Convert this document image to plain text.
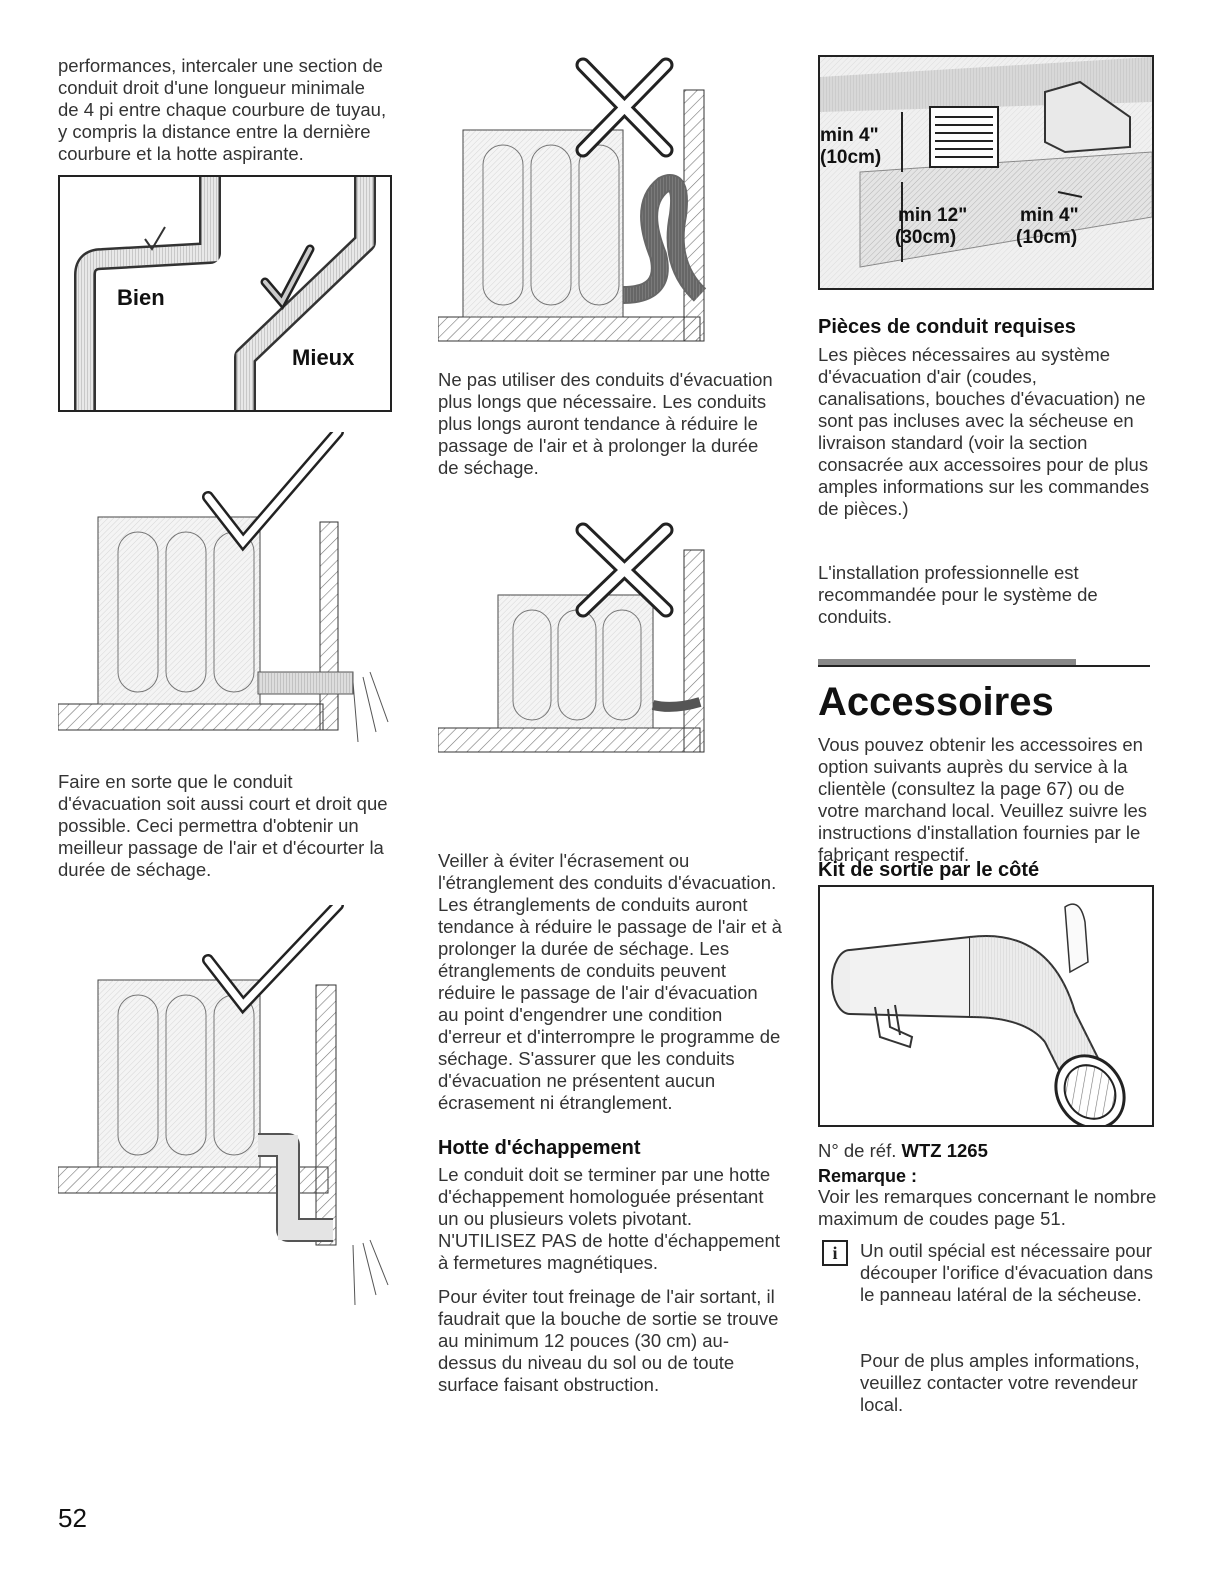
performances, intercaler une section de conduit droit d'une longueur minimale de 4 pi entre chaque courbure de tuyau, y compris la distance entre la dernière courbure et la hotte aspirante.

Bien
Mieux

Faire en sorte que le conduit d'évacuation soit aussi court et droit que possible. Ceci permettra d'obtenir un meilleur passage de l'air et d'écourter la durée de séchage.

Ne pas utiliser des conduits d'évacuation plus longs que nécessaire. Les conduits plus longs auront tendance à réduire le passage de l'air et à prolonger la durée de séchage.

Veiller à éviter l'écrasement ou l'étranglement des conduits d'évacuation. Les étranglements de conduits auront tendance à réduire le passage de l'air et à prolonger la durée de séchage. Les étranglements de conduits peuvent réduire le passage de l'air d'évacuation au point d'engendrer une condition d'erreur et d'interrompre le programme de séchage. S'assurer que les conduits d'évacuation ne présentent aucun écrasement ni étranglement.

Hotte d'échappement

Le conduit doit se terminer par une hotte d'échappement homologuée présentant un ou plusieurs volets pivotant. N'UTILISEZ PAS de hotte d'échappement à fermetures magnétiques.

Pour éviter tout freinage de l'air sortant, il faudrait que la bouche de sortie se trouve au minimum 12 pouces (30 cm) au-dessus du niveau du sol ou de toute surface faisant obstruction.

min 4"
(10cm)
min 12"
(30cm)
min 4"
(10cm)

Pièces de conduit requises

Les pièces nécessaires au système d'évacuation d'air (coudes, canalisations, bouches d'évacuation) ne sont pas incluses avec la sécheuse en livraison standard (voir la section consacrée aux accessoires pour de plus amples informations sur les commandes de pièces.)

L'installation professionnelle est recommandée pour le système de conduits.

Accessoires

Vous pouvez obtenir les accessoires en option suivants auprès du service à la clientèle (consultez la page 67) ou de votre marchand local. Veuillez suivre les instructions d'installation fournies par le fabricant respectif.

Kit de sortie par le côté

N° de réf. WTZ 1265

Remarque :

Voir les remarques concernant le nombre maximum de coudes page 51.

i	Un outil spécial est nécessaire pour découper l'orifice d'évacuation dans le panneau latéral de la sécheuse.

Pour de plus amples informations, veuillez contacter votre revendeur local.

52
